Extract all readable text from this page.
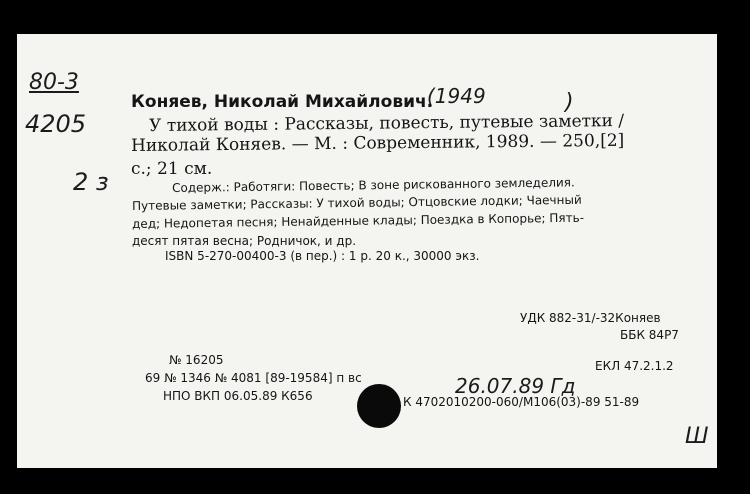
80-3
4205
(1949	)
2 з
Коняев, Николай Михайлович.
У тихой воды : Рассказы, повесть, путевые заметки /
Николай Коняев. — М. : Современник, 1989. — 250,[2]
с.; 21 см.
Содерж.: Работяги: Повесть; В зоне рискованного земледелия.
Путевые заметки; Рассказы: У тихой воды; Отцовские лодки; Чаечный
дед; Недопетая песня; Ненайденные клады; Поездка в Копорье; Пять-
десят пятая весна; Родничок, и др.
ISBN 5-270-00400-3 (в пер.) : 1 р. 20 к., 30000 экз.
УДК 882-31/-32Коняев
ББК 84Р7
№ 16205
69 № 1346 № 4081 [89-19584] п вс
НПО ВКП 06.05.89 К656
ЕКЛ 47.2.1.2
26.07.89 Гд
К 4702010200-060/М106(03)-89 51-89
Ш
